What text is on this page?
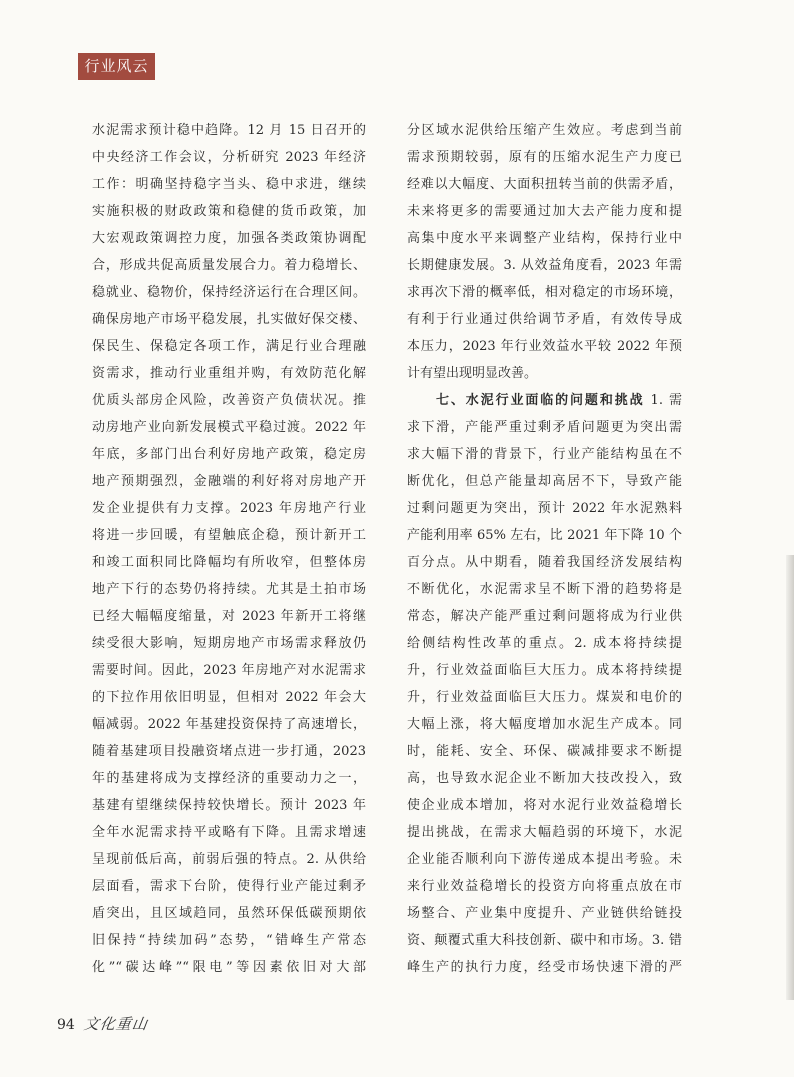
行业风云
水泥需求预计稳中趋降。12 月 15 日召开的
中央经济工作会议，分析研究 2023 年经济
工作：明确坚持稳字当头、稳中求进，继续
实施积极的财政政策和稳健的货币政策，加
大宏观政策调控力度，加强各类政策协调配
合，形成共促高质量发展合力。着力稳增长、
稳就业、稳物价，保持经济运行在合理区间。
确保房地产市场平稳发展，扎实做好保交楼、
保民生、保稳定各项工作，满足行业合理融
资需求，推动行业重组并购，有效防范化解
优质头部房企风险，改善资产负债状况。推
动房地产业向新发展模式平稳过渡。2022 年
年底，多部门出台利好房地产政策，稳定房
地产预期强烈，金融端的利好将对房地产开
发企业提供有力支撑。2023 年房地产行业
将进一步回暖，有望触底企稳，预计新开工
和竣工面积同比降幅均有所收窄，但整体房
地产下行的态势仍将持续。尤其是土拍市场
已经大幅幅度缩量，对 2023 年新开工将继
续受很大影响，短期房地产市场需求释放仍
需要时间。因此，2023 年房地产对水泥需求
的下拉作用依旧明显，但相对 2022 年会大
幅减弱。2022 年基建投资保持了高速增长，
随着基建项目投融资堵点进一步打通，2023
年的基建将成为支撑经济的重要动力之一，
基建有望继续保持较快增长。预计 2023 年
全年水泥需求持平或略有下降。且需求增速
呈现前低后高，前弱后强的特点。2. 从供给
层面看，需求下台阶，使得行业产能过剩矛
盾突出，且区域趋同，虽然环保低碳预期依
旧保持“持续加码”态势，“错峰生产常态
化”“碳达峰”“限电”等因素依旧对大部
分区域水泥供给压缩产生效应。考虑到当前
需求预期较弱，原有的压缩水泥生产力度已
经难以大幅度、大面积扭转当前的供需矛盾，
未来将更多的需要通过加大去产能力度和提
高集中度水平来调整产业结构，保持行业中
长期健康发展。3. 从效益角度看，2023 年需
求再次下滑的概率低，相对稳定的市场环境，
有利于行业通过供给调节矛盾，有效传导成
本压力，2023 年行业效益水平较 2022 年预
计有望出现明显改善。
七、水泥行业面临的问题和挑战 1. 需
求下滑，产能严重过剩矛盾问题更为突出需
求大幅下滑的背景下，行业产能结构虽在不
断优化，但总产能量却高居不下，导致产能
过剩问题更为突出，预计 2022 年水泥熟料
产能利用率 65% 左右，比 2021 年下降 10 个
百分点。从中期看，随着我国经济发展结构
不断优化，水泥需求呈不断下滑的趋势将是
常态，解决产能严重过剩问题将成为行业供
给侧结构性改革的重点。2. 成本将持续提
升，行业效益面临巨大压力。成本将持续提
升，行业效益面临巨大压力。煤炭和电价的
大幅上涨，将大幅度增加水泥生产成本。同
时，能耗、安全、环保、碳减排要求不断提
高，也导致水泥企业不断加大技改投入，致
使企业成本增加，将对水泥行业效益稳增长
提出挑战，在需求大幅趋弱的环境下，水泥
企业能否顺利向下游传递成本提出考验。未
来行业效益稳增长的投资方向将重点放在市
场整合、产业集中度提升、产业链供给链投
资、颠覆式重大科技创新、碳中和市场。3. 错
峰生产的执行力度，经受市场快速下滑的严
94 文化重山
